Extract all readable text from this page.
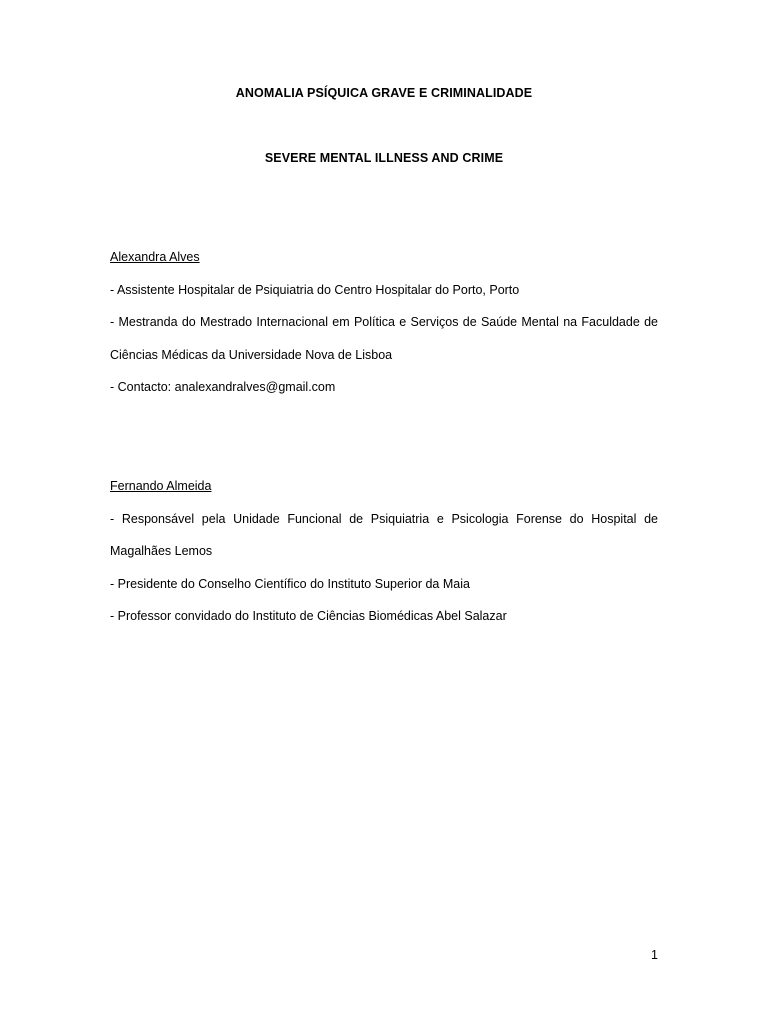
ANOMALIA PSÍQUICA GRAVE E CRIMINALIDADE
SEVERE MENTAL ILLNESS AND CRIME
Alexandra Alves
- Assistente Hospitalar de Psiquiatria do Centro Hospitalar do Porto, Porto
- Mestranda do Mestrado Internacional em Política e Serviços de Saúde Mental na Faculdade de Ciências Médicas da Universidade Nova de Lisboa
- Contacto: analexandralves@gmail.com
Fernando Almeida
- Responsável pela Unidade Funcional de Psiquiatria e Psicologia Forense do Hospital de Magalhães Lemos
- Presidente do Conselho Científico do Instituto Superior da Maia
- Professor convidado do Instituto de Ciências Biomédicas Abel Salazar
1
